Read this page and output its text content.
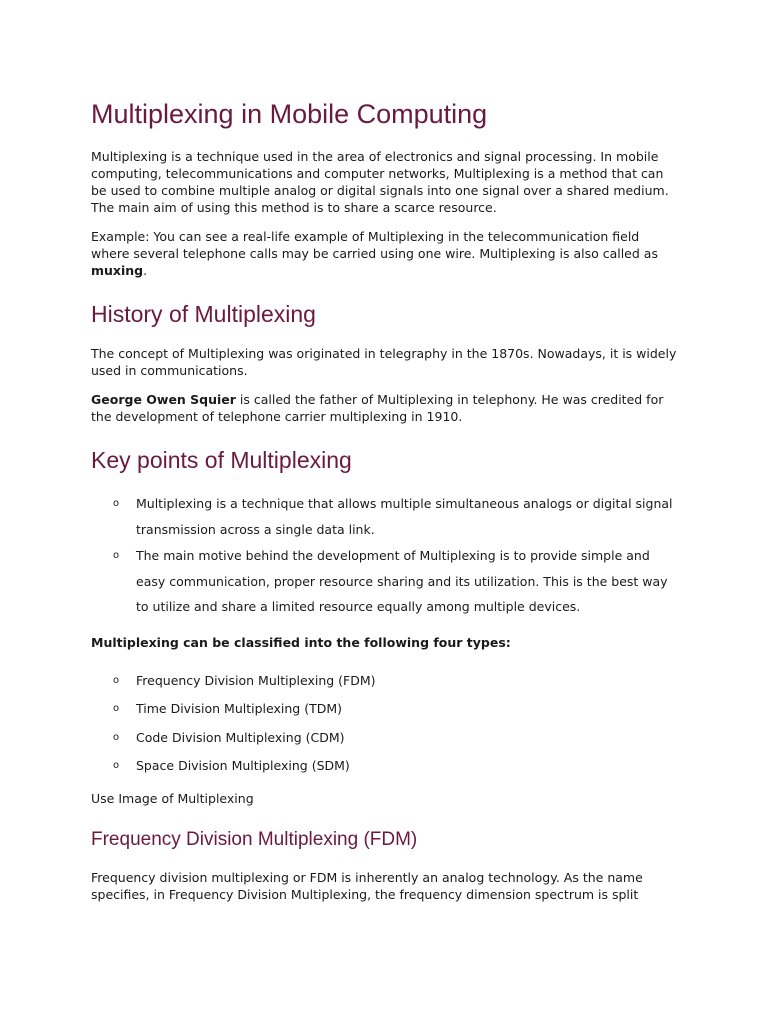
Multiplexing in Mobile Computing

Multiplexing is a technique used in the area of electronics and signal processing. In mobile computing, telecommunications and computer networks, Multiplexing is a method that can be used to combine multiple analog or digital signals into one signal over a shared medium. The main aim of using this method is to share a scarce resource.

Example: You can see a real-life example of Multiplexing in the telecommunication field where several telephone calls may be carried using one wire. Multiplexing is also called as muxing.

History of Multiplexing

The concept of Multiplexing was originated in telegraphy in the 1870s. Nowadays, it is widely used in communications.

George Owen Squier is called the father of Multiplexing in telephony. He was credited for the development of telephone carrier multiplexing in 1910.

Key points of Multiplexing
o Multiplexing is a technique that allows multiple simultaneous analogs or digital signal transmission across a single data link.
o The main motive behind the development of Multiplexing is to provide simple and easy communication, proper resource sharing and its utilization. This is the best way to utilize and share a limited resource equally among multiple devices.

Multiplexing can be classified into the following four types:

o Frequency Division Multiplexing (FDM)
o Time Division Multiplexing (TDM)
o Code Division Multiplexing (CDM)
o Space Division Multiplexing (SDM)

Use Image of Multiplexing

Frequency Division Multiplexing (FDM)

Frequency division multiplexing or FDM is inherently an analog technology. As the name specifies, in Frequency Division Multiplexing, the frequency dimension spectrum is split
